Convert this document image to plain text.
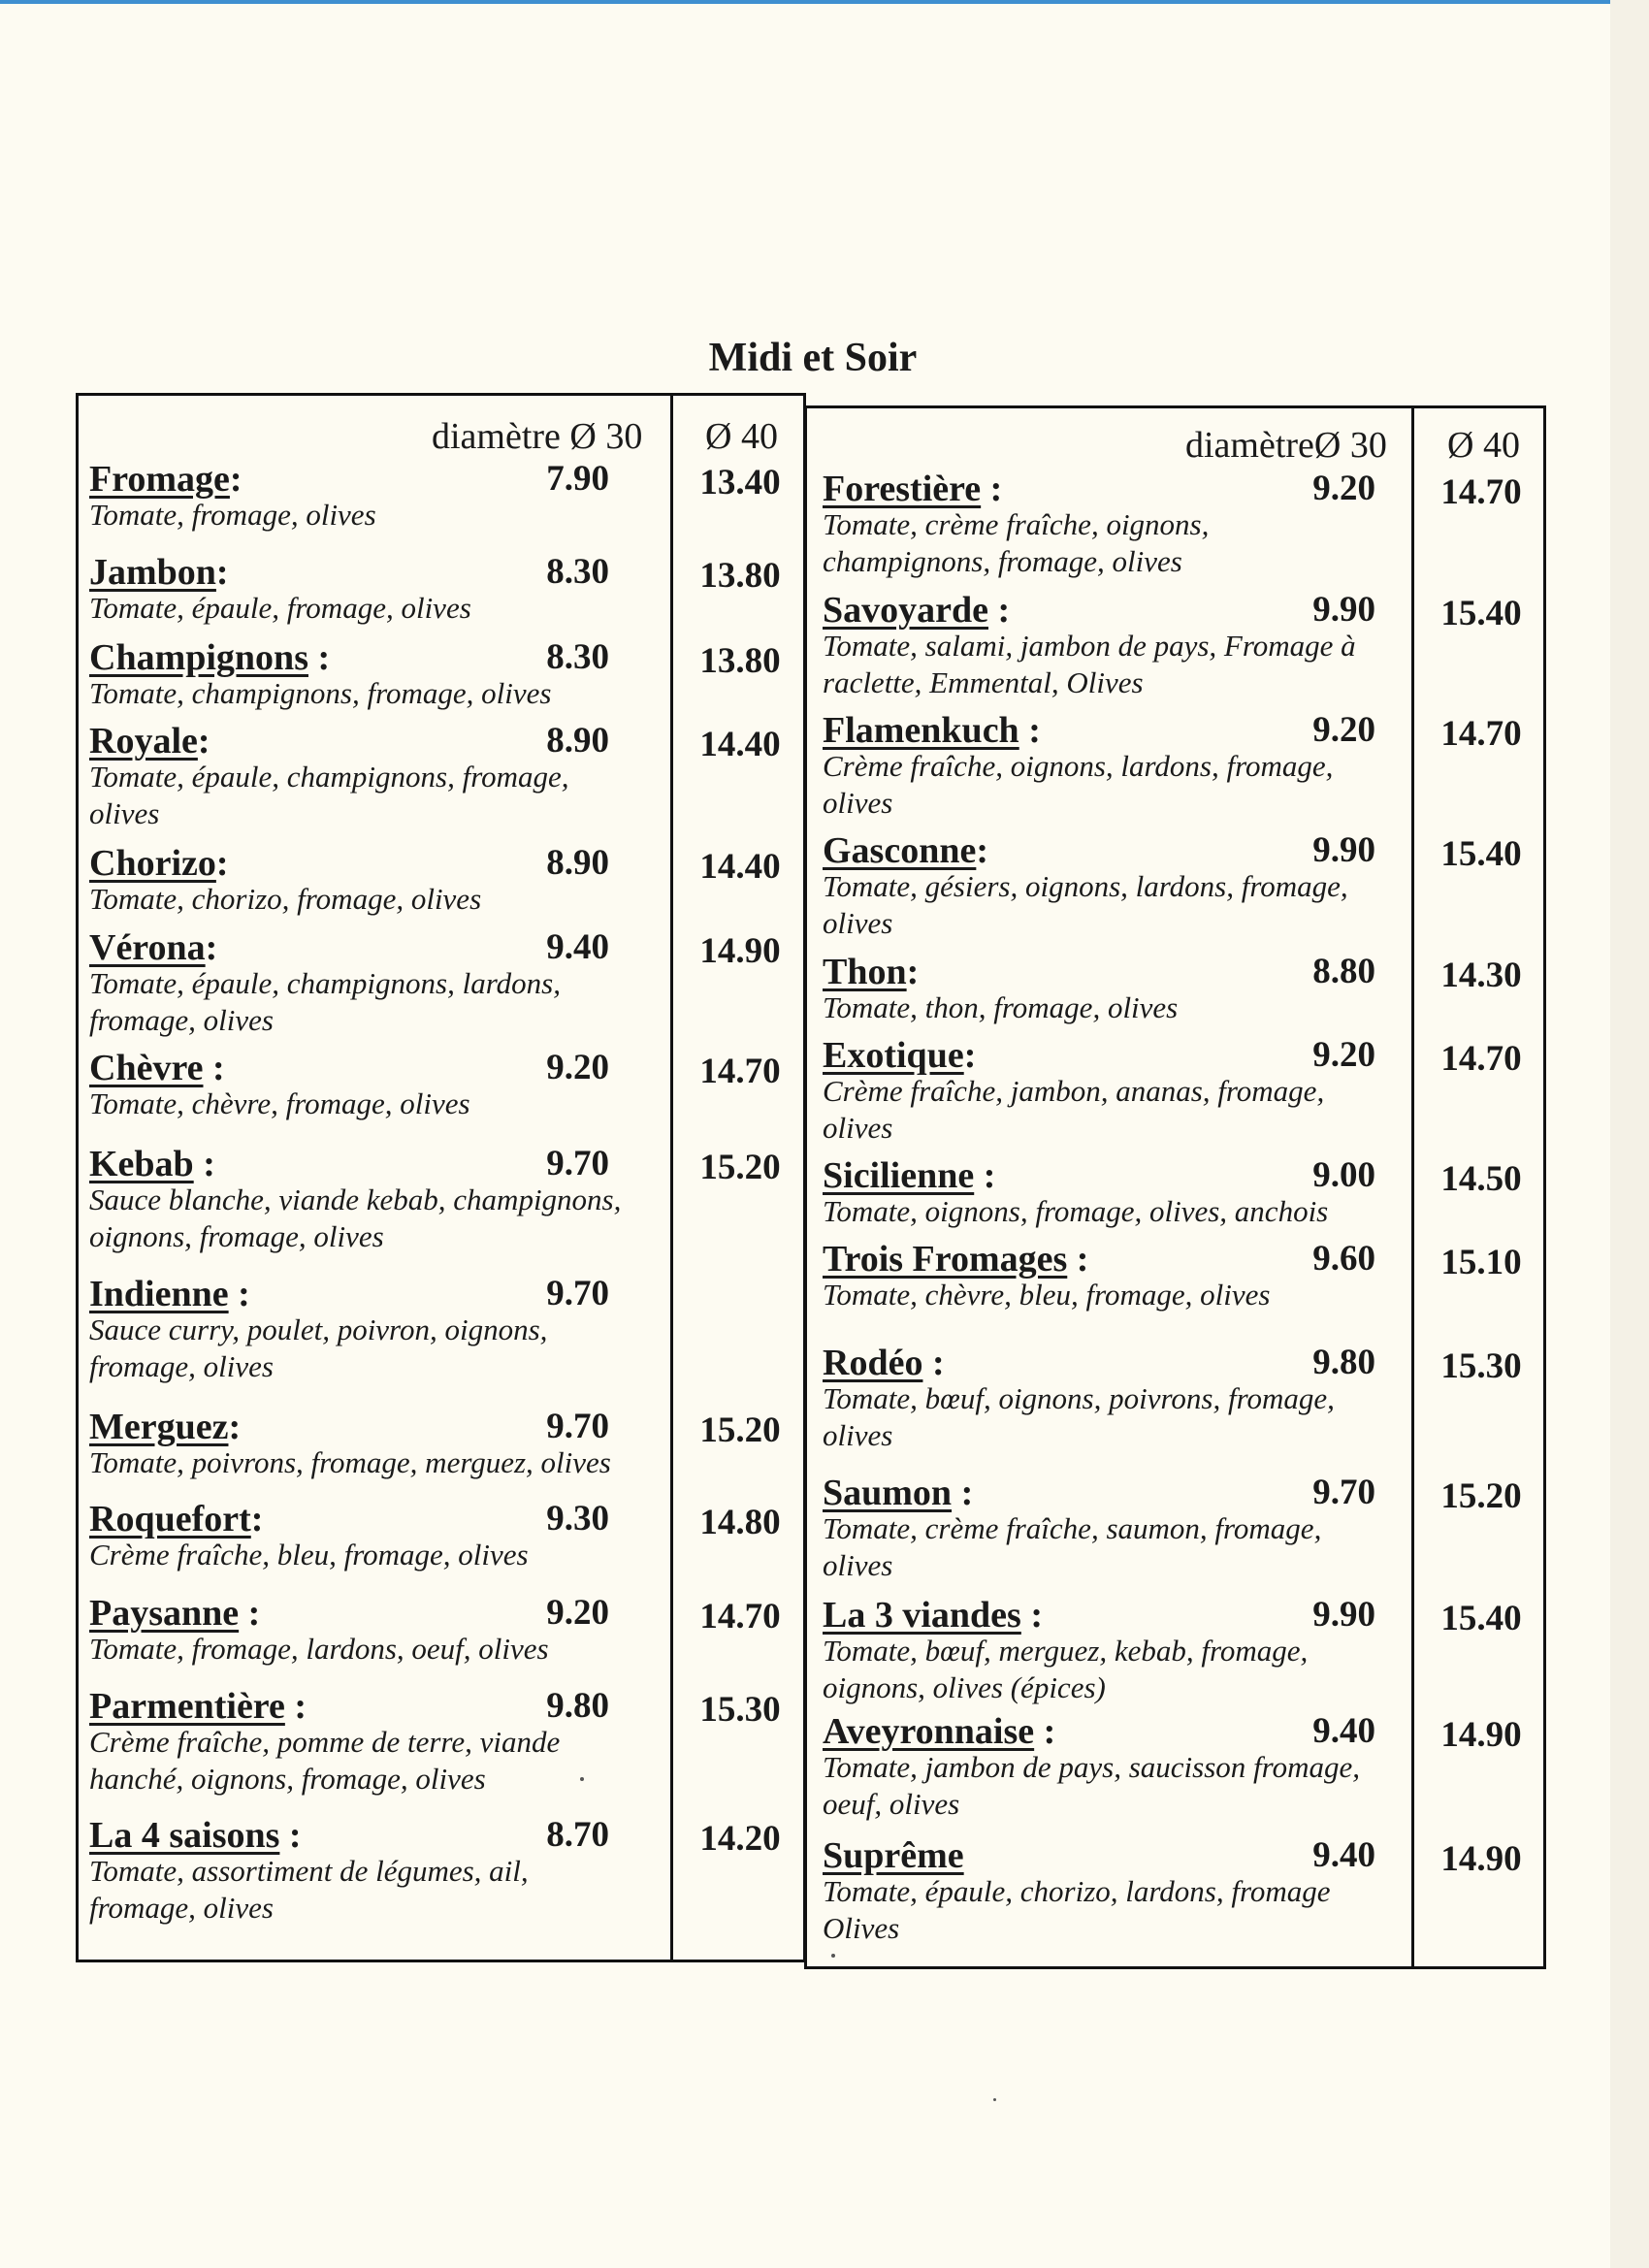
Midi et Soir
diamètre Ø 30 Ø 40	diamètreØ 30 Ø 40
Fromage:	7.90
Tomate, fromage, olives
13.40
Jambon:	8.30
Tomate, épaule, fromage, olives
13.80
Champignons :	8.30
Tomate, champignons, fromage, olives
13.80
Royale:	8.90
Tomate, épaule, champignons, fromage,
olives
14.40
Chorizo:	8.90
Tomate, chorizo, fromage, olives
14.40
Vérona:	9.40
Tomate, épaule, champignons, lardons,
fromage, olives
14.90
Chèvre :	9.20
Tomate, chèvre, fromage, olives
14.70
Kebab :	9.70
Sauce blanche, viande kebab, champignons,
oignons, fromage, olives
15.20
Indienne :	9.70
Sauce curry, poulet, poivron, oignons,
fromage, olives
Merguez:	9.70
Tomate, poivrons, fromage, merguez, olives
15.20
Roquefort:	9.30
Crème fraîche, bleu, fromage, olives
14.80
Paysanne :	9.20
Tomate, fromage, lardons, oeuf, olives
14.70
Parmentière :	9.80
Crème fraîche, pomme de terre, viande
hanché, oignons, fromage, olives
15.30
La 4 saisons :	8.70
Tomate, assortiment de légumes, ail,
fromage, olives
14.20
Forestière :	9.20
Tomate, crème fraîche, oignons,
champignons, fromage, olives
14.70
Savoyarde :	9.90
Tomate, salami, jambon de pays, Fromage à
raclette, Emmental, Olives
15.40
Flamenkuch :	9.20
Crème fraîche, oignons, lardons, fromage,
olives
14.70
Gasconne:	9.90
Tomate, gésiers, oignons, lardons, fromage,
olives
15.40
Thon:	8.80
Tomate, thon, fromage, olives
14.30
Exotique:	9.20
Crème fraîche, jambon, ananas, fromage,
olives
14.70
Sicilienne :	9.00
Tomate, oignons, fromage, olives, anchois
14.50
Trois Fromages :	9.60
Tomate, chèvre, bleu, fromage, olives
15.10
Rodéo :	9.80
Tomate, bœuf, oignons, poivrons, fromage,
olives
15.30
Saumon :	9.70
Tomate, crème fraîche, saumon, fromage,
olives
15.20
La 3 viandes :	9.90
Tomate, bœuf, merguez, kebab, fromage,
oignons, olives (épices)
15.40
Aveyronnaise :	9.40
Tomate, jambon de pays, saucisson fromage,
oeuf, olives
14.90
Suprême	9.40
Tomate, épaule, chorizo, lardons, fromage
Olives
14.90
